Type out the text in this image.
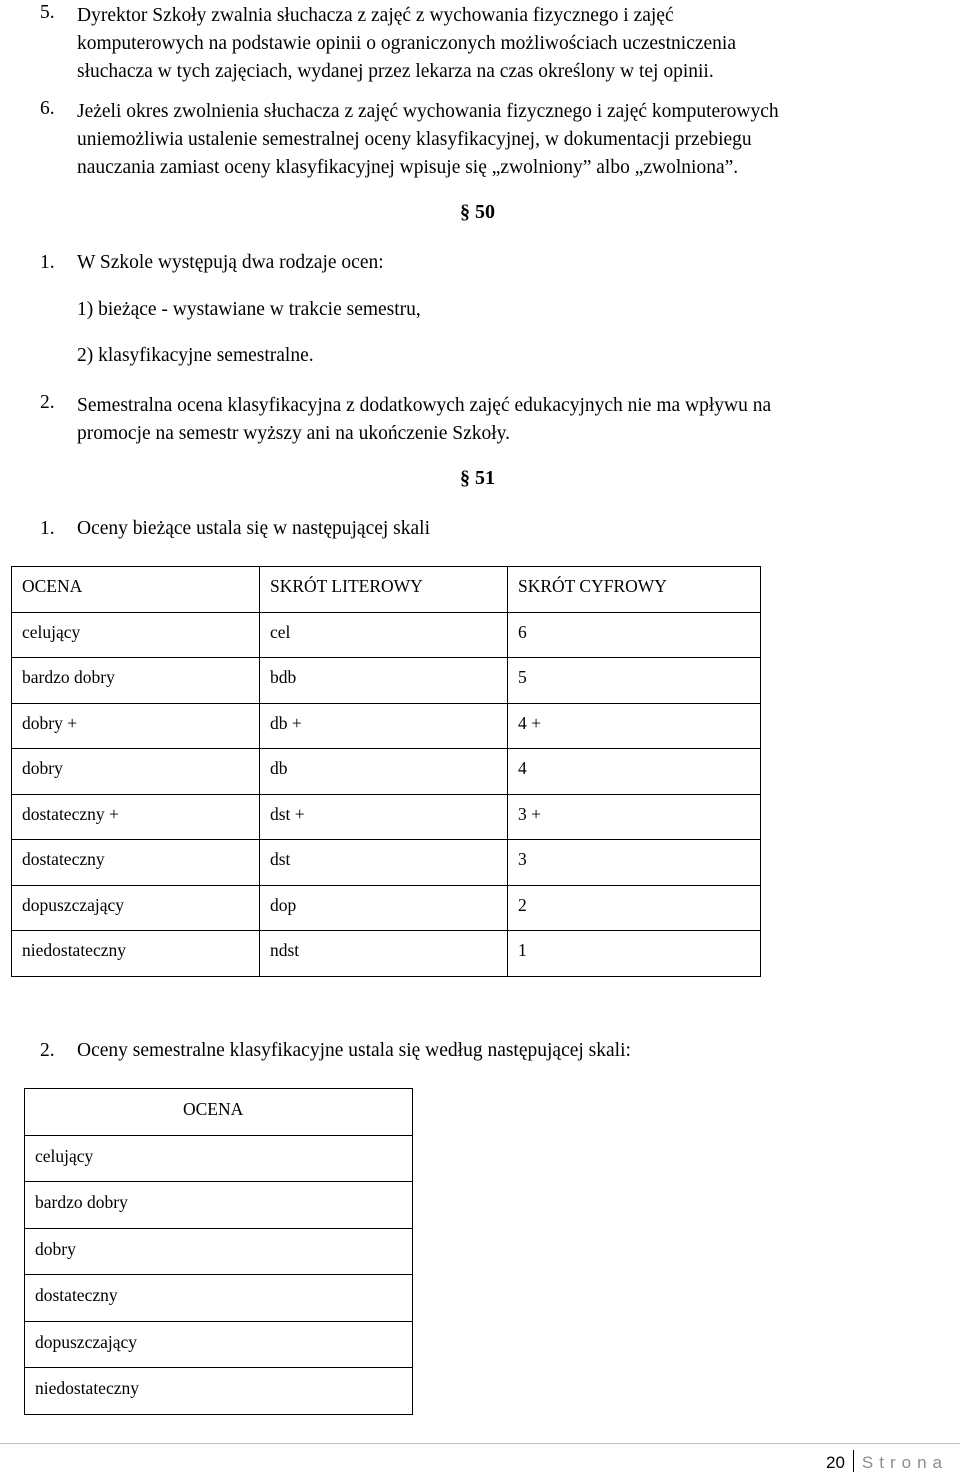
5. Dyrektor Szkoły zwalnia słuchacza z zajęć z wychowania fizycznego i zajęć
komputerowych na podstawie opinii o ograniczonych możliwościach uczestniczenia
słuchacza w tych zajęciach, wydanej przez lekarza na czas określony w tej opinii.
6. Jeżeli okres zwolnienia słuchacza z zajęć wychowania fizycznego i zajęć komputerowych
uniemożliwia ustalenie semestralnej oceny klasyfikacyjnej, w dokumentacji przebiegu
nauczania zamiast oceny klasyfikacyjnej wpisuje się „zwolniony” albo „zwolniona”.
§ 50
1. W Szkole występują dwa rodzaje ocen:
1) bieżące - wystawiane w trakcie semestru,
2) klasyfikacyjne semestralne.
2. Semestralna ocena klasyfikacyjna z dodatkowych zajęć edukacyjnych nie ma wpływu na
promocje na semestr wyższy ani na ukończenie Szkoły.
§ 51
1. Oceny bieżące ustala się w następującej skali
OCENA	SKRÓT LITEROWY	SKRÓT CYFROWY
celujący	cel	6
bardzo dobry	bdb	5
dobry +	db +	4 +
dobry	db	4
dostateczny +	dst +	3 +
dostateczny	dst	3
dopuszczający	dop	2
niedostateczny	ndst	1
2. Oceny semestralne klasyfikacyjne ustala się według następującej skali:
OCENA
celujący
bardzo dobry
dobry
dostateczny
dopuszczający
niedostateczny
20 Strona
